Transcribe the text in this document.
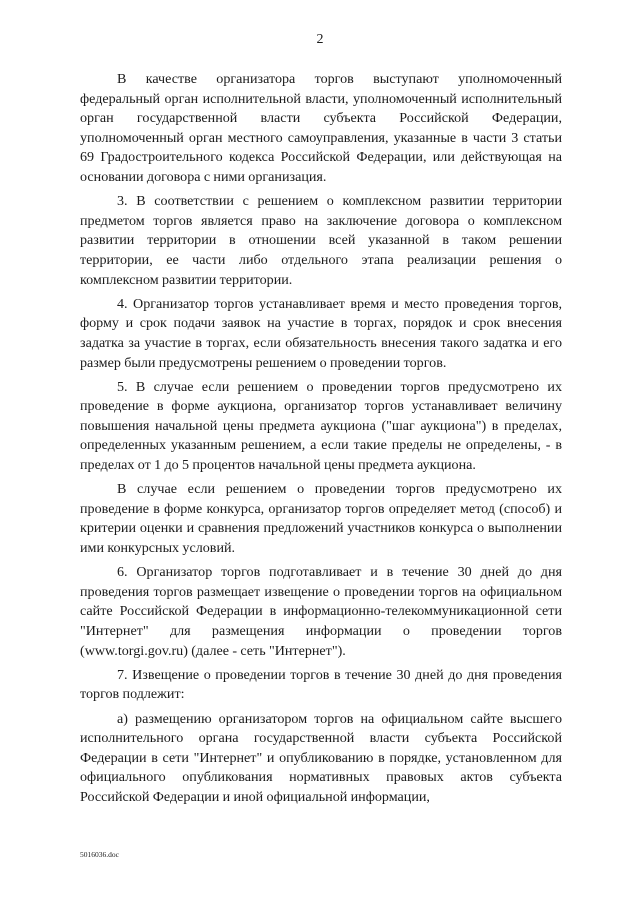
2

В качестве организатора торгов выступают уполномоченный федеральный орган исполнительной власти, уполномоченный исполнительный орган государственной власти субъекта Российской Федерации, уполномоченный орган местного самоуправления, указанные в части 3 статьи 69 Градостроительного кодекса Российской Федерации, или действующая на основании договора с ними организация.

3. В соответствии с решением о комплексном развитии территории предметом торгов является право на заключение договора о комплексном развитии территории в отношении всей указанной в таком решении территории, ее части либо отдельного этапа реализации решения о комплексном развитии территории.

4. Организатор торгов устанавливает время и место проведения торгов, форму и срок подачи заявок на участие в торгах, порядок и срок внесения задатка за участие в торгах, если обязательность внесения такого задатка и его размер были предусмотрены решением о проведении торгов.

5. В случае если решением о проведении торгов предусмотрено их проведение в форме аукциона, организатор торгов устанавливает величину повышения начальной цены предмета аукциона ("шаг аукциона") в пределах, определенных указанным решением, а если такие пределы не определены, - в пределах от 1 до 5 процентов начальной цены предмета аукциона.

В случае если решением о проведении торгов предусмотрено их проведение в форме конкурса, организатор торгов определяет метод (способ) и критерии оценки и сравнения предложений участников конкурса о выполнении ими конкурсных условий.

6. Организатор торгов подготавливает и в течение 30 дней до дня проведения торгов размещает извещение о проведении торгов на официальном сайте Российской Федерации в информационно-телекоммуникационной сети "Интернет" для размещения информации о проведении торгов (www.torgi.gov.ru) (далее - сеть "Интернет").

7. Извещение о проведении торгов в течение 30 дней до дня проведения торгов подлежит:

а) размещению организатором торгов на официальном сайте высшего исполнительного органа государственной власти субъекта Российской Федерации в сети "Интернет" и опубликованию в порядке, установленном для официального опубликования нормативных правовых актов субъекта Российской Федерации и иной официальной информации,

5016036.doc
